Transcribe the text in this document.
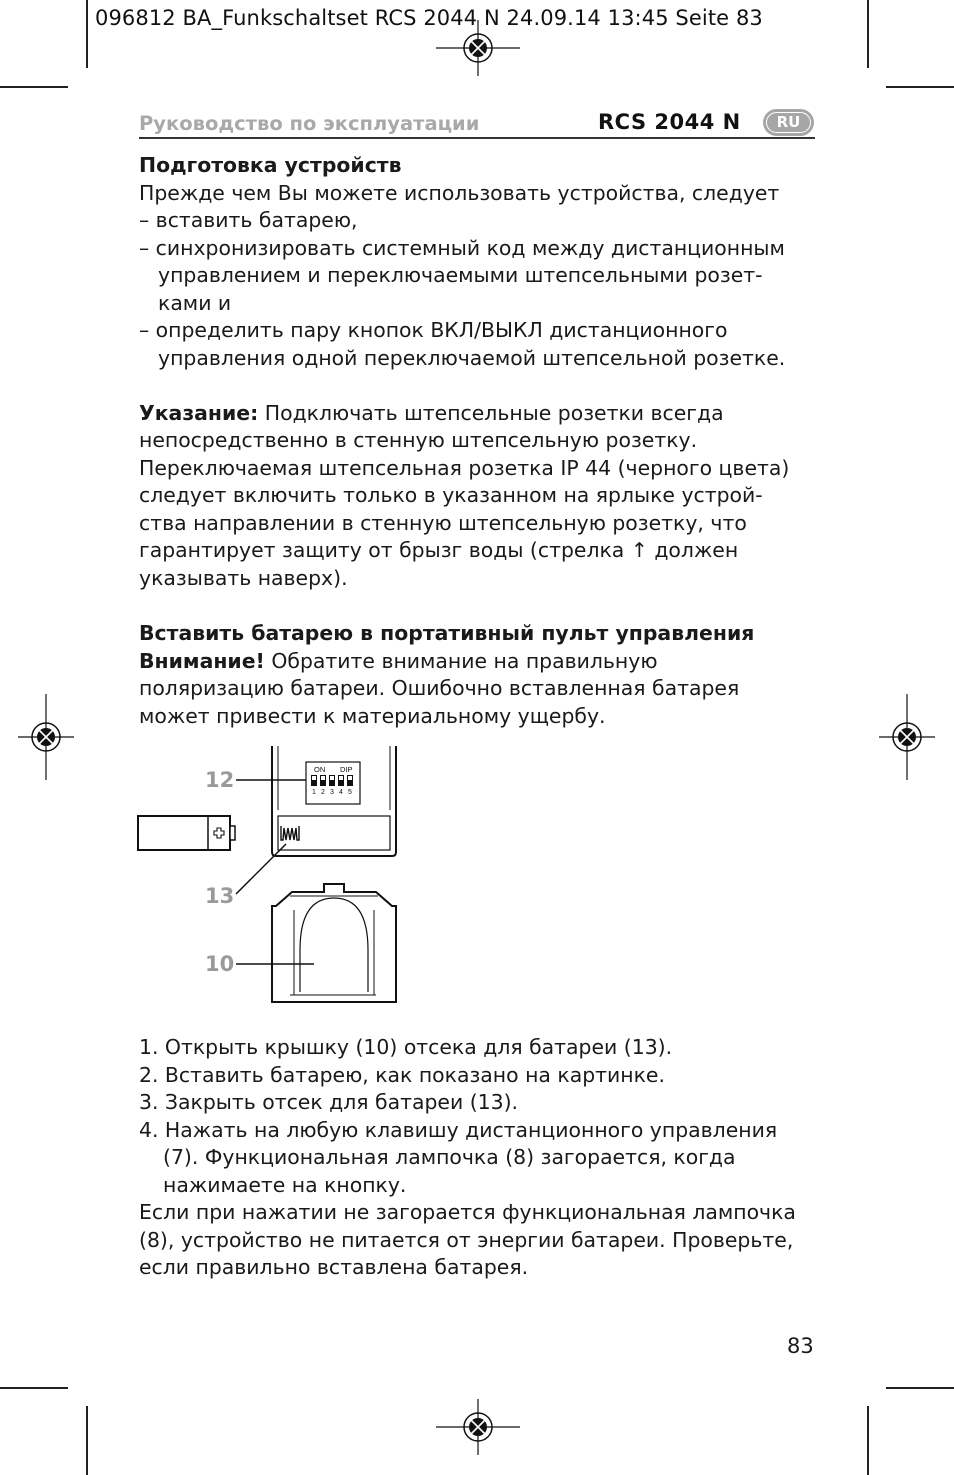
096812 BA_Funkschaltset RCS 2044 N 24.09.14 13:45 Seite 83
Руководство по эксплуатации	RCS 2044 N	RU
Подготовка устройств
Прежде чем Вы можете использовать устройства, следует
– вставить батарею,
– синхронизировать системный код между дистанционным
управлением и переключаемыми штепсельными розет-
ками и
– определить пару кнопок ВКЛ/ВЫКЛ дистанционного
управления одной переключаемой штепсельной розетке.
Указание: Подключать штепсельные розетки всегда
непосредственно в стенную штепсельную розетку.
Переключаемая штепсельная розетка IP 44 (черного цвета)
следует включить только в указанном на ярлыке устрой-
ства направлении в стенную штепсельную розетку, что
гарантирует защиту от брызг воды (стрелка ↑ должен
указывать наверх).
Вставить батарею в портативный пульт управления
Внимание! Обратите внимание на правильную
поляризацию батареи. Ошибочно вставленная батарея
может привести к материальному ущербу.
ON DIP
1 2 3 4 5
12
13
10
1. Открыть крышку (10) отсека для батареи (13).
2. Вставить батарею, как показано на картинке.
3. Закрыть отсек для батареи (13).
4. Нажать на любую клавишу дистанционного управления
(7). Функциональная лампочка (8) загорается, когда
нажимаете на кнопку.
Если при нажатии не загорается функциональная лампочка
(8), устройство не питается от энергии батареи. Проверьте,
если правильно вставлена батарея.
83
